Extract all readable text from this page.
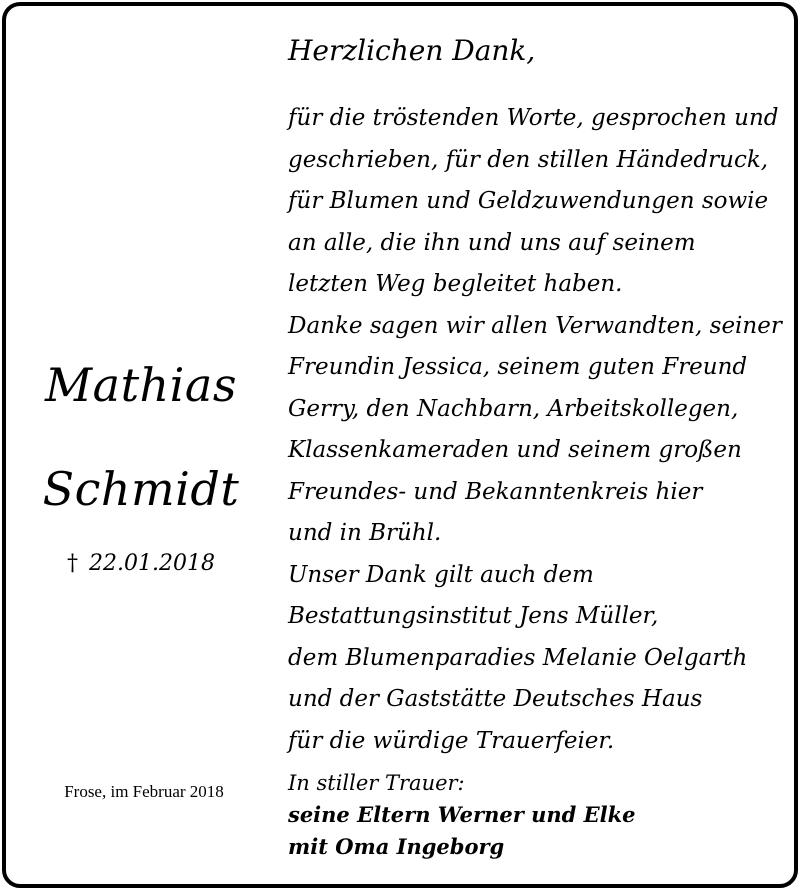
Mathias
Schmidt
† 22.01.2018
Frose, im Februar 2018
Herzlichen Dank,
für die tröstenden Worte, gesprochen und
geschrieben, für den stillen Händedruck,
für Blumen und Geldzuwendungen sowie
an alle, die ihn und uns auf seinem
letzten Weg begleitet haben.
Danke sagen wir allen Verwandten, seiner
Freundin Jessica, seinem guten Freund
Gerry, den Nachbarn, Arbeitskollegen,
Klassenkameraden und seinem großen
Freundes- und Bekanntenkreis hier
und in Brühl.
Unser Dank gilt auch dem
Bestattungsinstitut Jens Müller,
dem Blumenparadies Melanie Oelgarth
und der Gaststätte Deutsches Haus
für die würdige Trauerfeier.
In stiller Trauer:
seine Eltern Werner und Elke
mit Oma Ingeborg
